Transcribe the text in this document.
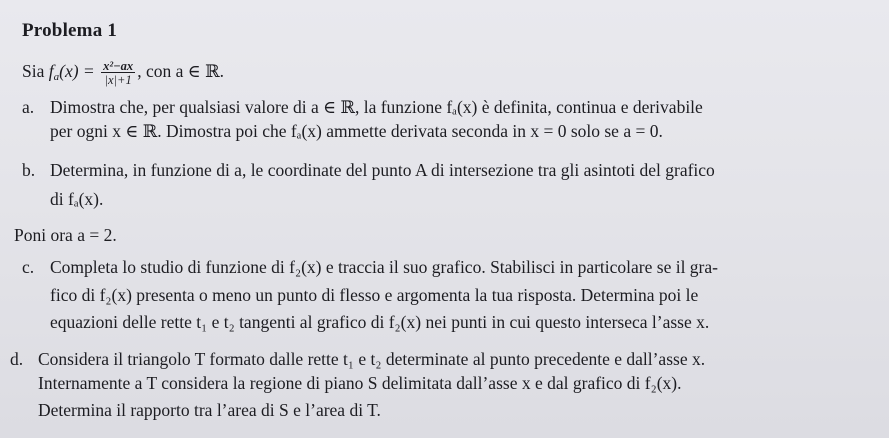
Problema 1
Sia $f_a(x) = \frac{\text{x²−ax}}{|x|+1}$ , con a ∈ ℝ.
a. Dimostra che, per qualsiasi valore di a ∈ ℝ, la funzione fₐ(x) è definita, continua e derivabile
per ogni x ∈ ℝ. Dimostra poi che fₐ(x) ammette derivata seconda in x = 0 solo se a = 0.
b. Determina, in funzione di a, le coordinate del punto A di intersezione tra gli asintoti del grafico
di fₐ(x).
Poni ora a = 2.
c. Completa lo studio di funzione di f₂(x) e traccia il suo grafico. Stabilisci in particolare se il gra-
fico di f₂(x) presenta o meno un punto di flesso e argomenta la tua risposta. Determina poi le
equazioni delle rette t₁ e t₂ tangenti al grafico di f₂(x) nei punti in cui questo interseca l’asse x.
d. Considera il triangolo T formato dalle rette t₁ e t₂ determinate al punto precedente e dall’asse x.
Internamente a T considera la regione di piano S delimitata dall’asse x e dal grafico di f₂(x).
Determina il rapporto tra l’area di S e l’area di T.
